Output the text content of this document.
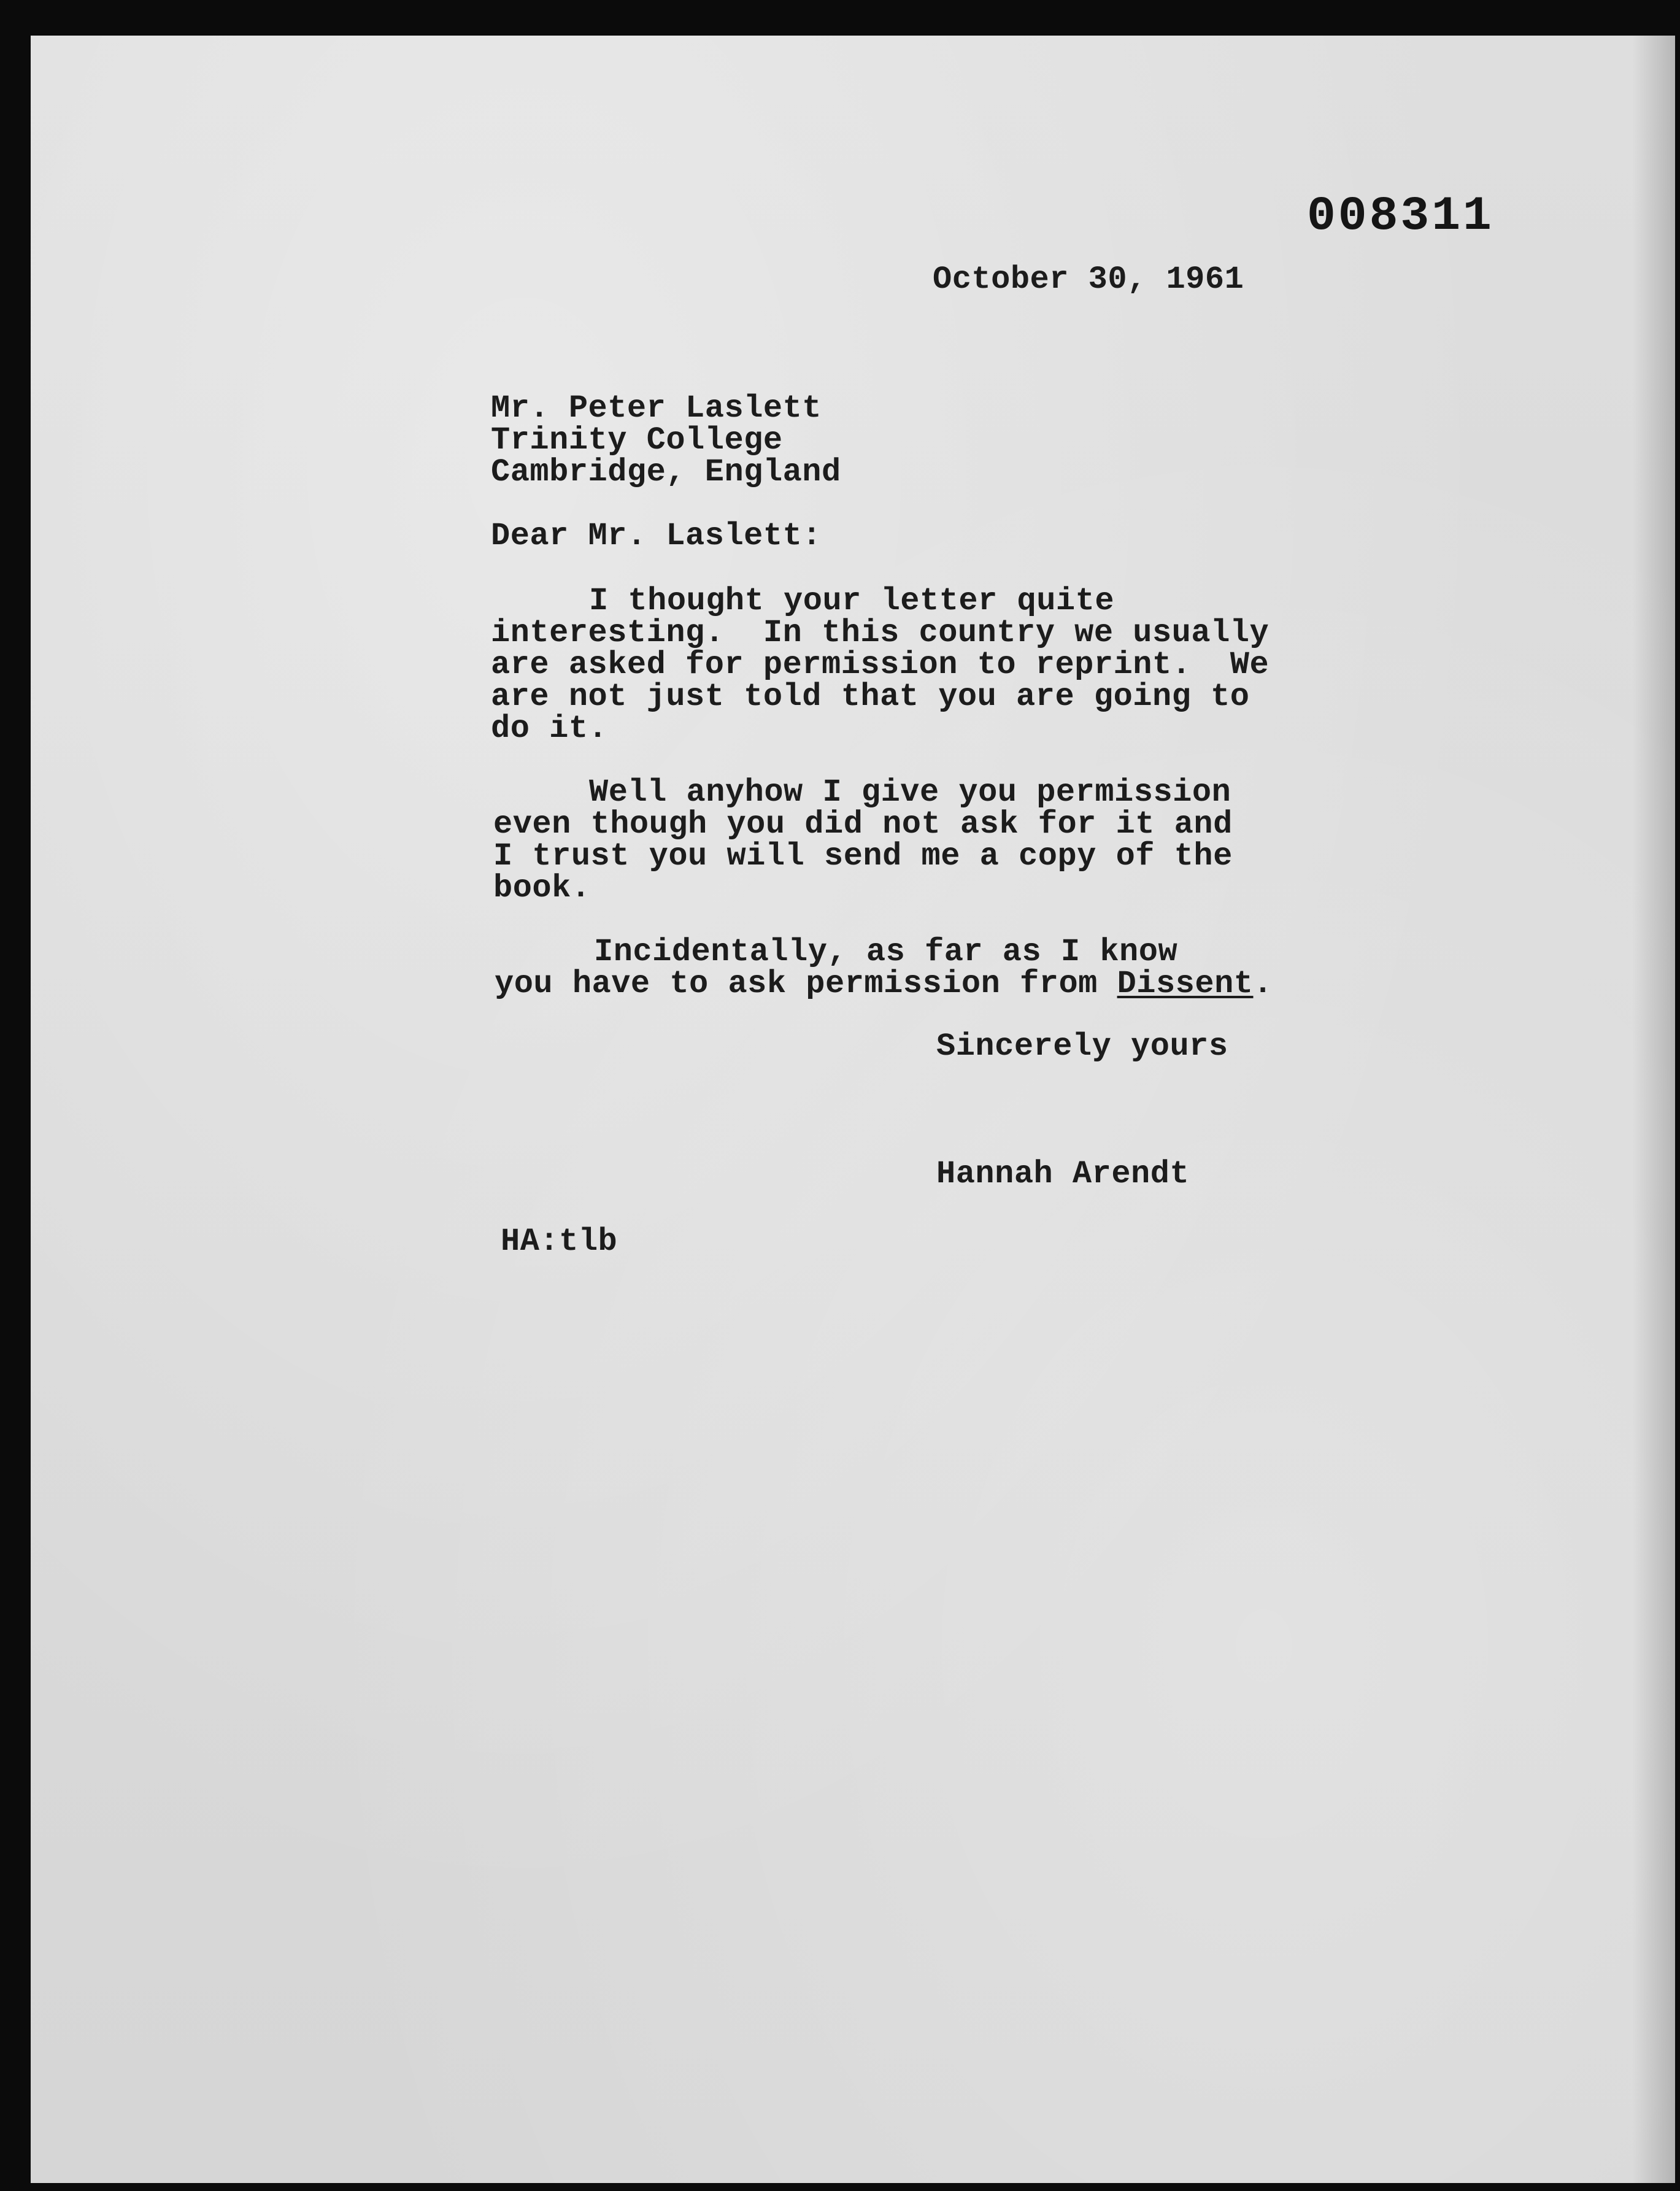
008311

October 30, 1961

Mr. Peter Laslett

Trinity College

Cambridge, England

Dear Mr. Laslett:

I thought your letter quite

interesting.  In this country we usually

are asked for permission to reprint.  We

are not just told that you are going to

do it.

Well anyhow I give you permission

even though you did not ask for it and

I trust you will send me a copy of the

book.

Incidentally, as far as I know

you have to ask permission from Dissent.

Sincerely yours

Hannah Arendt

HA:tlb
